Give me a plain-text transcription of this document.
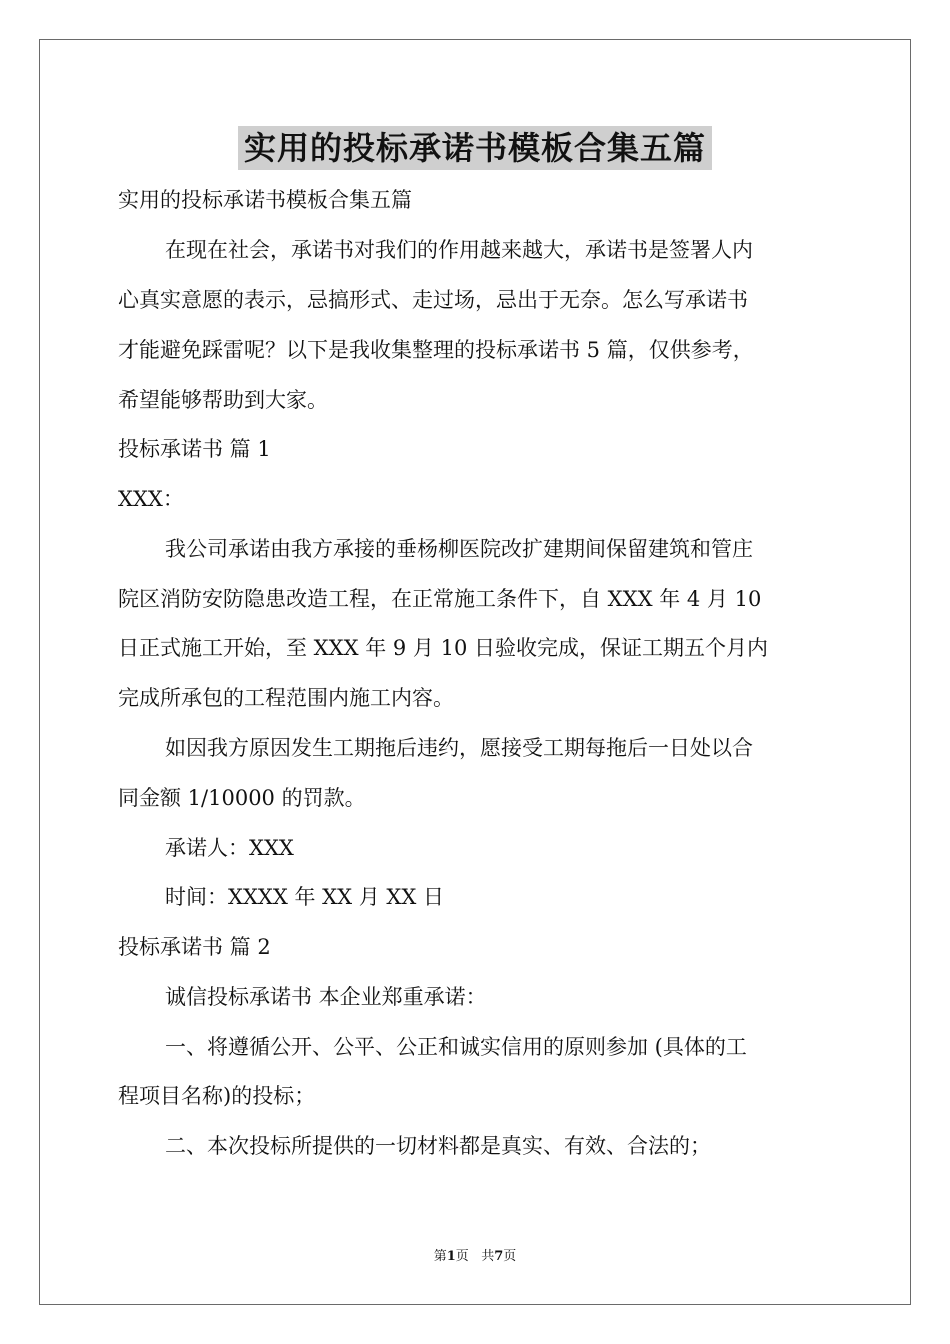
实用的投标承诺书模板合集五篇
实用的投标承诺书模板合集五篇
在现在社会，承诺书对我们的作用越来越大，承诺书是签署人内
心真实意愿的表示，忌搞形式、走过场，忌出于无奈。怎么写承诺书
才能避免踩雷呢？以下是我收集整理的投标承诺书 5 篇，仅供参考，
希望能够帮助到大家。
投标承诺书 篇 1
XXX：
我公司承诺由我方承接的垂杨柳医院改扩建期间保留建筑和管庄
院区消防安防隐患改造工程，在正常施工条件下，自 XXX 年 4 月 10
日正式施工开始，至 XXX 年 9 月 10 日验收完成，保证工期五个月内
完成所承包的工程范围内施工内容。
如因我方原因发生工期拖后违约，愿接受工期每拖后一日处以合
同金额 1/10000 的罚款。
承诺人：XXX
时间：XXXX 年 XX 月 XX 日
投标承诺书 篇 2
诚信投标承诺书 本企业郑重承诺：
一、将遵循公开、公平、公正和诚实信用的原则参加 (具体的工
程项目名称)的投标；
二、本次投标所提供的一切材料都是真实、有效、合法的；
第1页 共7页
